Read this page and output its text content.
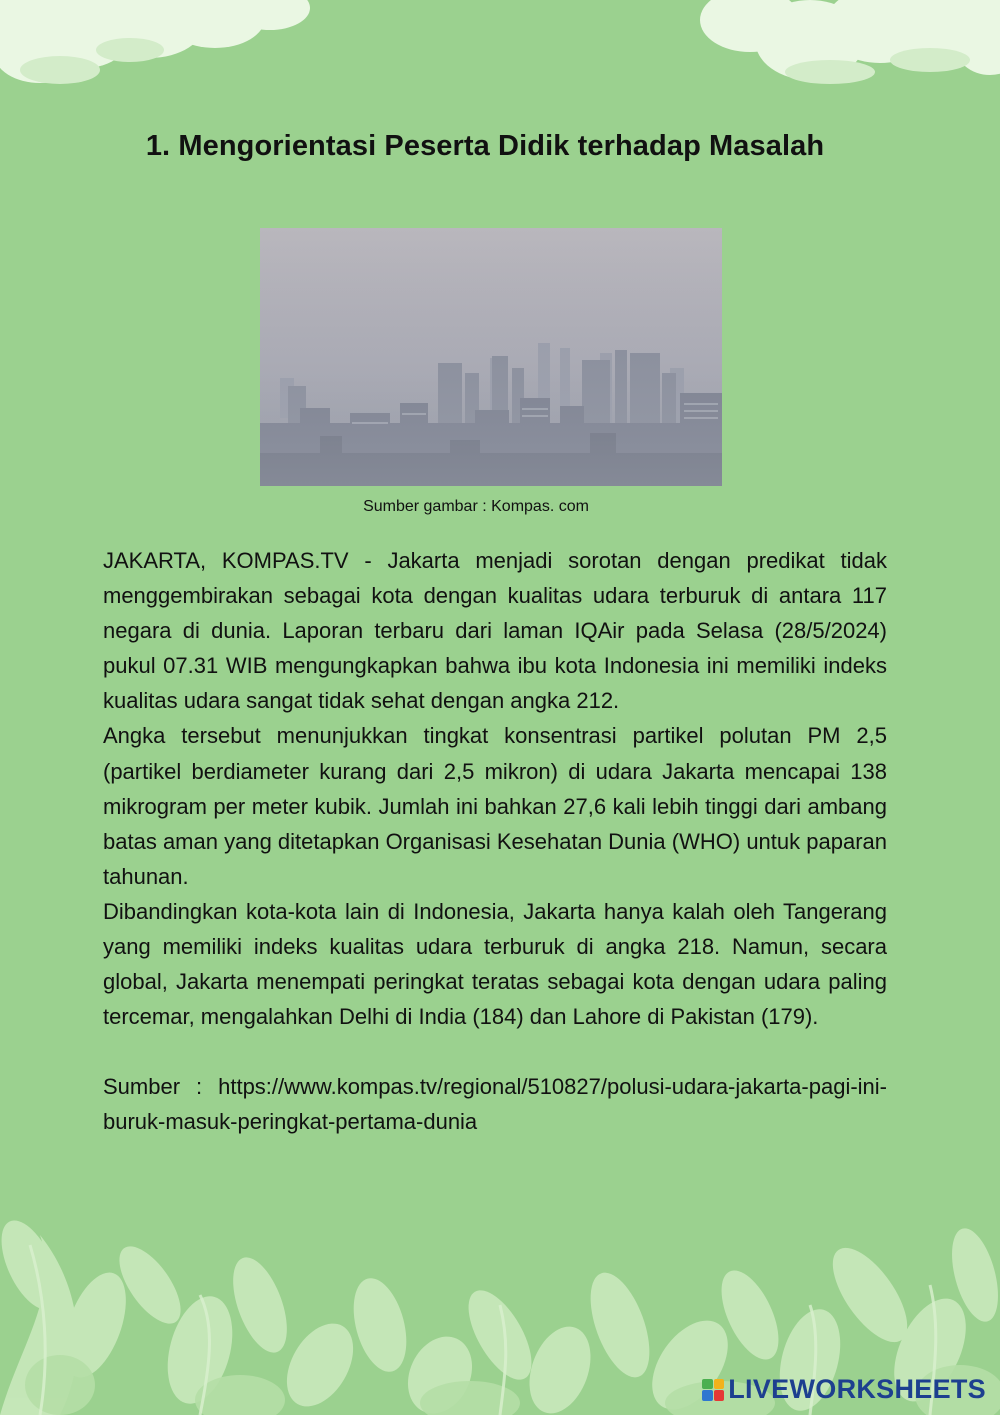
1. Mengorientasi Peserta Didik terhadap Masalah
Sumber gambar : Kompas. com

JAKARTA, KOMPAS.TV - Jakarta menjadi sorotan dengan predikat tidak menggembirakan sebagai kota dengan kualitas udara terburuk di antara 117 negara di dunia. Laporan terbaru dari laman IQAir pada Selasa (28/5/2024) pukul 07.31 WIB mengungkapkan bahwa ibu kota Indonesia ini memiliki indeks kualitas udara sangat tidak sehat dengan angka 212.

Angka tersebut menunjukkan tingkat konsentrasi partikel polutan PM 2,5 (partikel berdiameter kurang dari 2,5 mikron) di udara Jakarta mencapai 138 mikrogram per meter kubik. Jumlah ini bahkan 27,6 kali lebih tinggi dari ambang batas aman yang ditetapkan Organisasi Kesehatan Dunia (WHO) untuk paparan tahunan.

Dibandingkan kota-kota lain di Indonesia, Jakarta hanya kalah oleh Tangerang yang memiliki indeks kualitas udara terburuk di angka 218. Namun, secara global, Jakarta menempati peringkat teratas sebagai kota dengan udara paling tercemar, mengalahkan Delhi di India (184) dan Lahore di Pakistan (179).

Sumber : https://www.kompas.tv/regional/510827/polusi-udara-jakarta-pagi-ini-buruk-masuk-peringkat-pertama-dunia

LIVEWORKSHEETS
